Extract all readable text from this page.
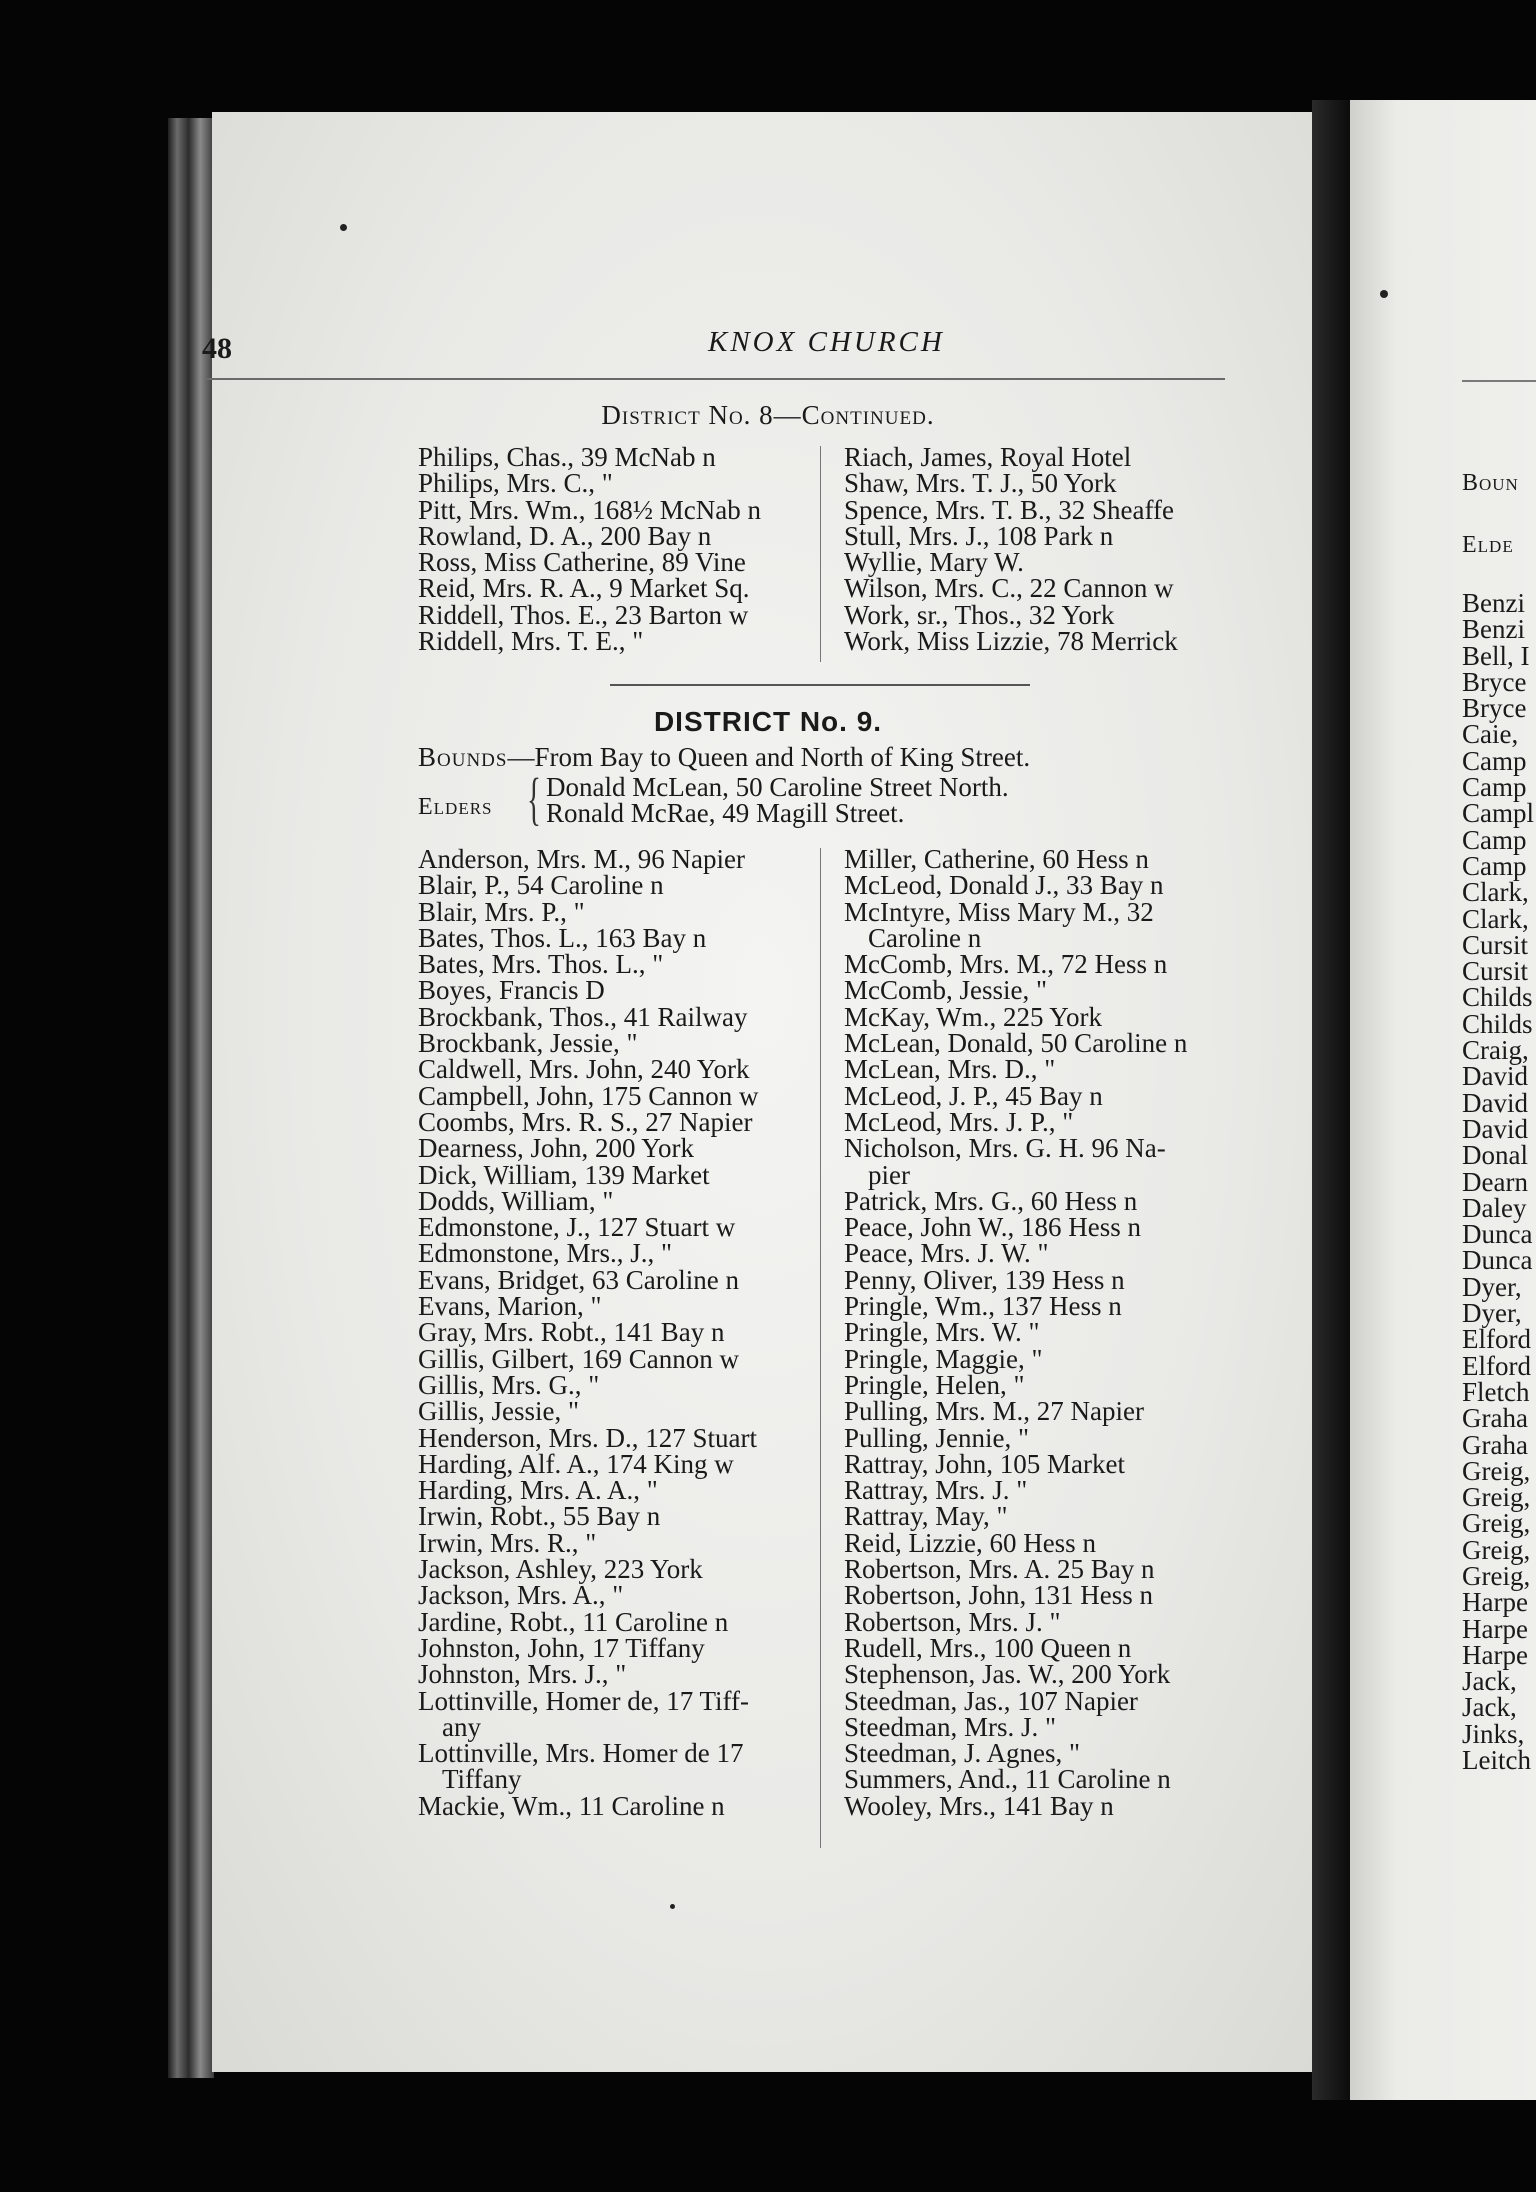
Boun
Elde
Benzi
Benzi
Bell, I
Bryce
Bryce
Caie,
Camp
Camp
Campl
Camp
Camp
Clark,
Clark,
Cursit
Cursit
Childs
Childs
Craig,
David
David
David
Donal
Dearn
Daley
Dunca
Dunca
Dyer,
Dyer,
Elford
Elford
Fletch
Graha
Graha
Greig,
Greig,
Greig,
Greig,
Greig,
Harpe
Harpe
Harpe
Jack,
Jack,
Jinks,
Leitch
48	KNOX CHURCH
District No. 8—Continued.
Philips, Chas., 39 McNab n
Philips, Mrs. C., "
Pitt, Mrs. Wm., 168½ McNab n
Rowland, D. A., 200 Bay n
Ross, Miss Catherine, 89 Vine
Reid, Mrs. R. A., 9 Market Sq.
Riddell, Thos. E., 23 Barton w
Riddell, Mrs. T. E., "
Riach, James, Royal Hotel
Shaw, Mrs. T. J., 50 York
Spence, Mrs. T. B., 32 Sheaffe
Stull, Mrs. J., 108 Park n
Wyllie, Mary W.
Wilson, Mrs. C., 22 Cannon w
Work, sr., Thos., 32 York
Work, Miss Lizzie, 78 Merrick
DISTRICT No. 9.
Bounds—From Bay to Queen and North of King Street.
Elders { Donald McLean, 50 Caroline Street North.
Ronald McRae, 49 Magill Street.
Anderson, Mrs. M., 96 Napier
Blair, P., 54 Caroline n
Blair, Mrs. P., "
Bates, Thos. L., 163 Bay n
Bates, Mrs. Thos. L., "
Boyes, Francis D
Brockbank, Thos., 41 Railway
Brockbank, Jessie, "
Caldwell, Mrs. John, 240 York
Campbell, John, 175 Cannon w
Coombs, Mrs. R. S., 27 Napier
Dearness, John, 200 York
Dick, William, 139 Market
Dodds, William, "
Edmonstone, J., 127 Stuart w
Edmonstone, Mrs., J., "
Evans, Bridget, 63 Caroline n
Evans, Marion, "
Gray, Mrs. Robt., 141 Bay n
Gillis, Gilbert, 169 Cannon w
Gillis, Mrs. G., "
Gillis, Jessie, "
Henderson, Mrs. D., 127 Stuart
Harding, Alf. A., 174 King w
Harding, Mrs. A. A., "
Irwin, Robt., 55 Bay n
Irwin, Mrs. R., "
Jackson, Ashley, 223 York
Jackson, Mrs. A., "
Jardine, Robt., 11 Caroline n
Johnston, John, 17 Tiffany
Johnston, Mrs. J., "
Lottinville, Homer de, 17 Tiff-
any
Lottinville, Mrs. Homer de 17
Tiffany
Mackie, Wm., 11 Caroline n
Miller, Catherine, 60 Hess n
McLeod, Donald J., 33 Bay n
McIntyre, Miss Mary M., 32
Caroline n
McComb, Mrs. M., 72 Hess n
McComb, Jessie, "
McKay, Wm., 225 York
McLean, Donald, 50 Caroline n
McLean, Mrs. D., "
McLeod, J. P., 45 Bay n
McLeod, Mrs. J. P., "
Nicholson, Mrs. G. H. 96 Na-
pier
Patrick, Mrs. G., 60 Hess n
Peace, John W., 186 Hess n
Peace, Mrs. J. W. "
Penny, Oliver, 139 Hess n
Pringle, Wm., 137 Hess n
Pringle, Mrs. W. "
Pringle, Maggie, "
Pringle, Helen, "
Pulling, Mrs. M., 27 Napier
Pulling, Jennie, "
Rattray, John, 105 Market
Rattray, Mrs. J. "
Rattray, May, "
Reid, Lizzie, 60 Hess n
Robertson, Mrs. A. 25 Bay n
Robertson, John, 131 Hess n
Robertson, Mrs. J. "
Rudell, Mrs., 100 Queen n
Stephenson, Jas. W., 200 York
Steedman, Jas., 107 Napier
Steedman, Mrs. J. "
Steedman, J. Agnes, "
Summers, And., 11 Caroline n
Wooley, Mrs., 141 Bay n
